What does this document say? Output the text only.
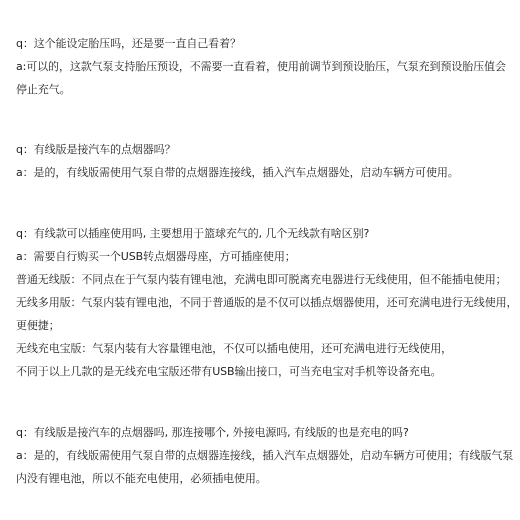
q：这个能设定胎压吗，还是要一直自己看着？
a:可以的，这款气泵支持胎压预设，不需要一直看着，使用前调节到预设胎压，气泵充到预设胎压值会
停止充气。
q：有线版是接汽车的点烟器吗？
a：是的，有线版需使用气泵自带的点烟器连接线，插入汽车点烟器处，启动车辆方可使用。
q：有线款可以插座使用吗, 主要想用于篮球充气的, 几个无线款有啥区别?
a：需要自行购买一个USB转点烟器母座，方可插座使用；
普通无线版：不同点在于气泵内装有锂电池，充满电即可脱离充电器进行无线使用，但不能插电使用；
无线多用版：气泵内装有锂电池，不同于普通版的是不仅可以插点烟器使用，还可充满电进行无线使用，
更便捷；
无线充电宝版：气泵内装有大容量锂电池，不仅可以插电使用，还可充满电进行无线使用，
不同于以上几款的是无线充电宝版还带有USB输出接口，可当充电宝对手机等设备充电。
q：有线版是接汽车的点烟器吗, 那连接哪个, 外接电源吗, 有线版的也是充电的吗?
a：是的，有线版需使用气泵自带的点烟器连接线，插入汽车点烟器处，启动车辆方可使用；有线版气泵
内没有锂电池，所以不能充电使用，必须插电使用。
